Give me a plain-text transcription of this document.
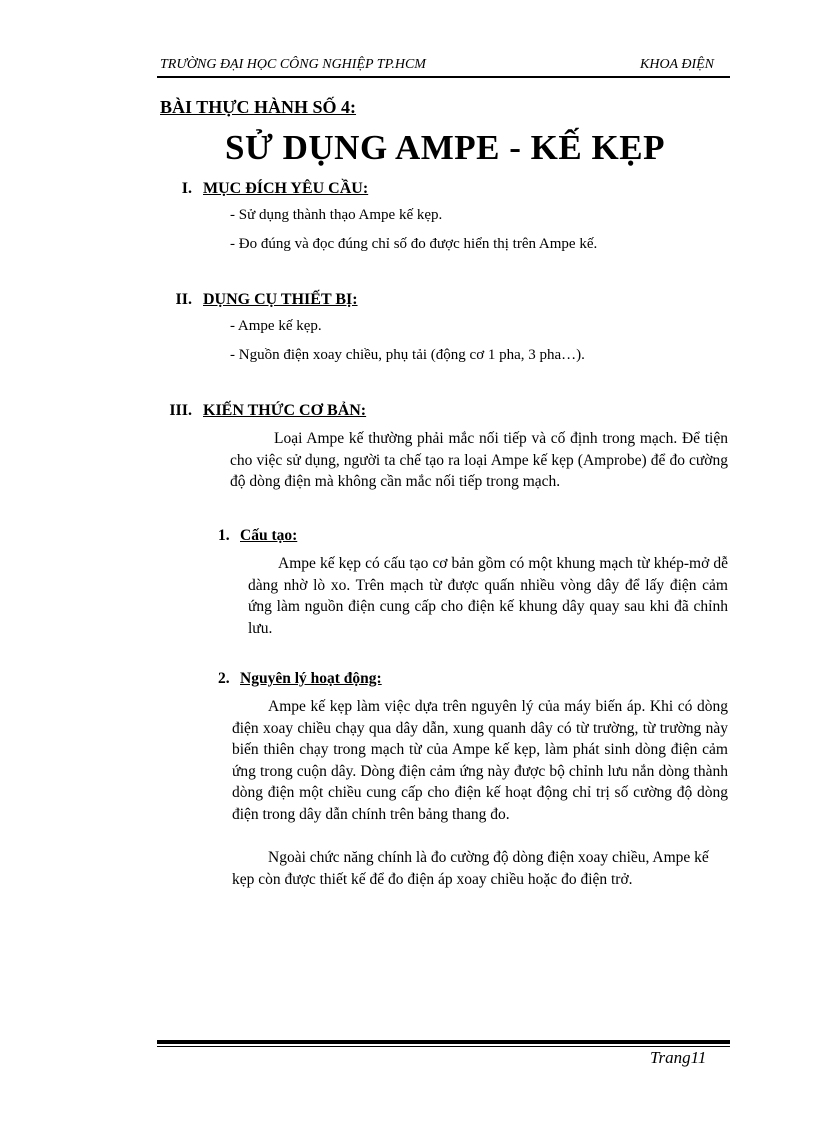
TRƯỜNG ĐẠI HỌC CÔNG NGHIỆP TP.HCM	KHOA ĐIỆN
BÀI THỰC HÀNH SỐ 4:
SỬ DỤNG AMPE - KẾ KẸP
I. MỤC ĐÍCH YÊU CẦU:

- Sử dụng thành thạo Ampe kế kẹp.

- Đo đúng và đọc đúng chỉ số đo được hiển thị trên Ampe kế.

II. DỤNG CỤ THIẾT BỊ:

- Ampe kế kẹp.

- Nguồn điện xoay chiều, phụ tải (động cơ 1 pha, 3 pha…).

III. KIẾN THỨC CƠ BẢN:

Loại Ampe kế thường phải mắc nối tiếp và cố định trong mạch. Để tiện cho việc sử dụng, người ta chế tạo ra loại Ampe kế kẹp (Amprobe) để đo cường độ dòng điện mà không cần mắc nối tiếp trong mạch.

1. Cấu tạo:

Ampe kế kẹp có cấu tạo cơ bản gồm có một khung mạch từ khép-mở dễ dàng nhờ lò xo. Trên mạch từ được quấn nhiều vòng dây để lấy điện cảm ứng làm nguồn điện cung cấp cho điện kế khung dây quay sau khi đã chỉnh lưu.

2. Nguyên lý hoạt động:

Ampe kế kẹp làm việc dựa trên nguyên lý của máy biến áp. Khi có dòng điện xoay chiều chạy qua dây dẫn, xung quanh dây có từ trường, từ trường này biến thiên chạy trong mạch từ của Ampe kế kẹp, làm phát sinh dòng điện cảm ứng trong cuộn dây. Dòng điện cảm ứng này được bộ chỉnh lưu nắn dòng thành dòng điện một chiều cung cấp cho điện kế hoạt động chỉ trị số cường độ dòng điện trong dây dẫn chính trên bảng thang đo.

Ngoài chức năng chính là đo cường độ dòng điện xoay chiều, Ampe kế kẹp còn được thiết kế để đo điện áp xoay chiều hoặc đo điện trở.

Trang11
